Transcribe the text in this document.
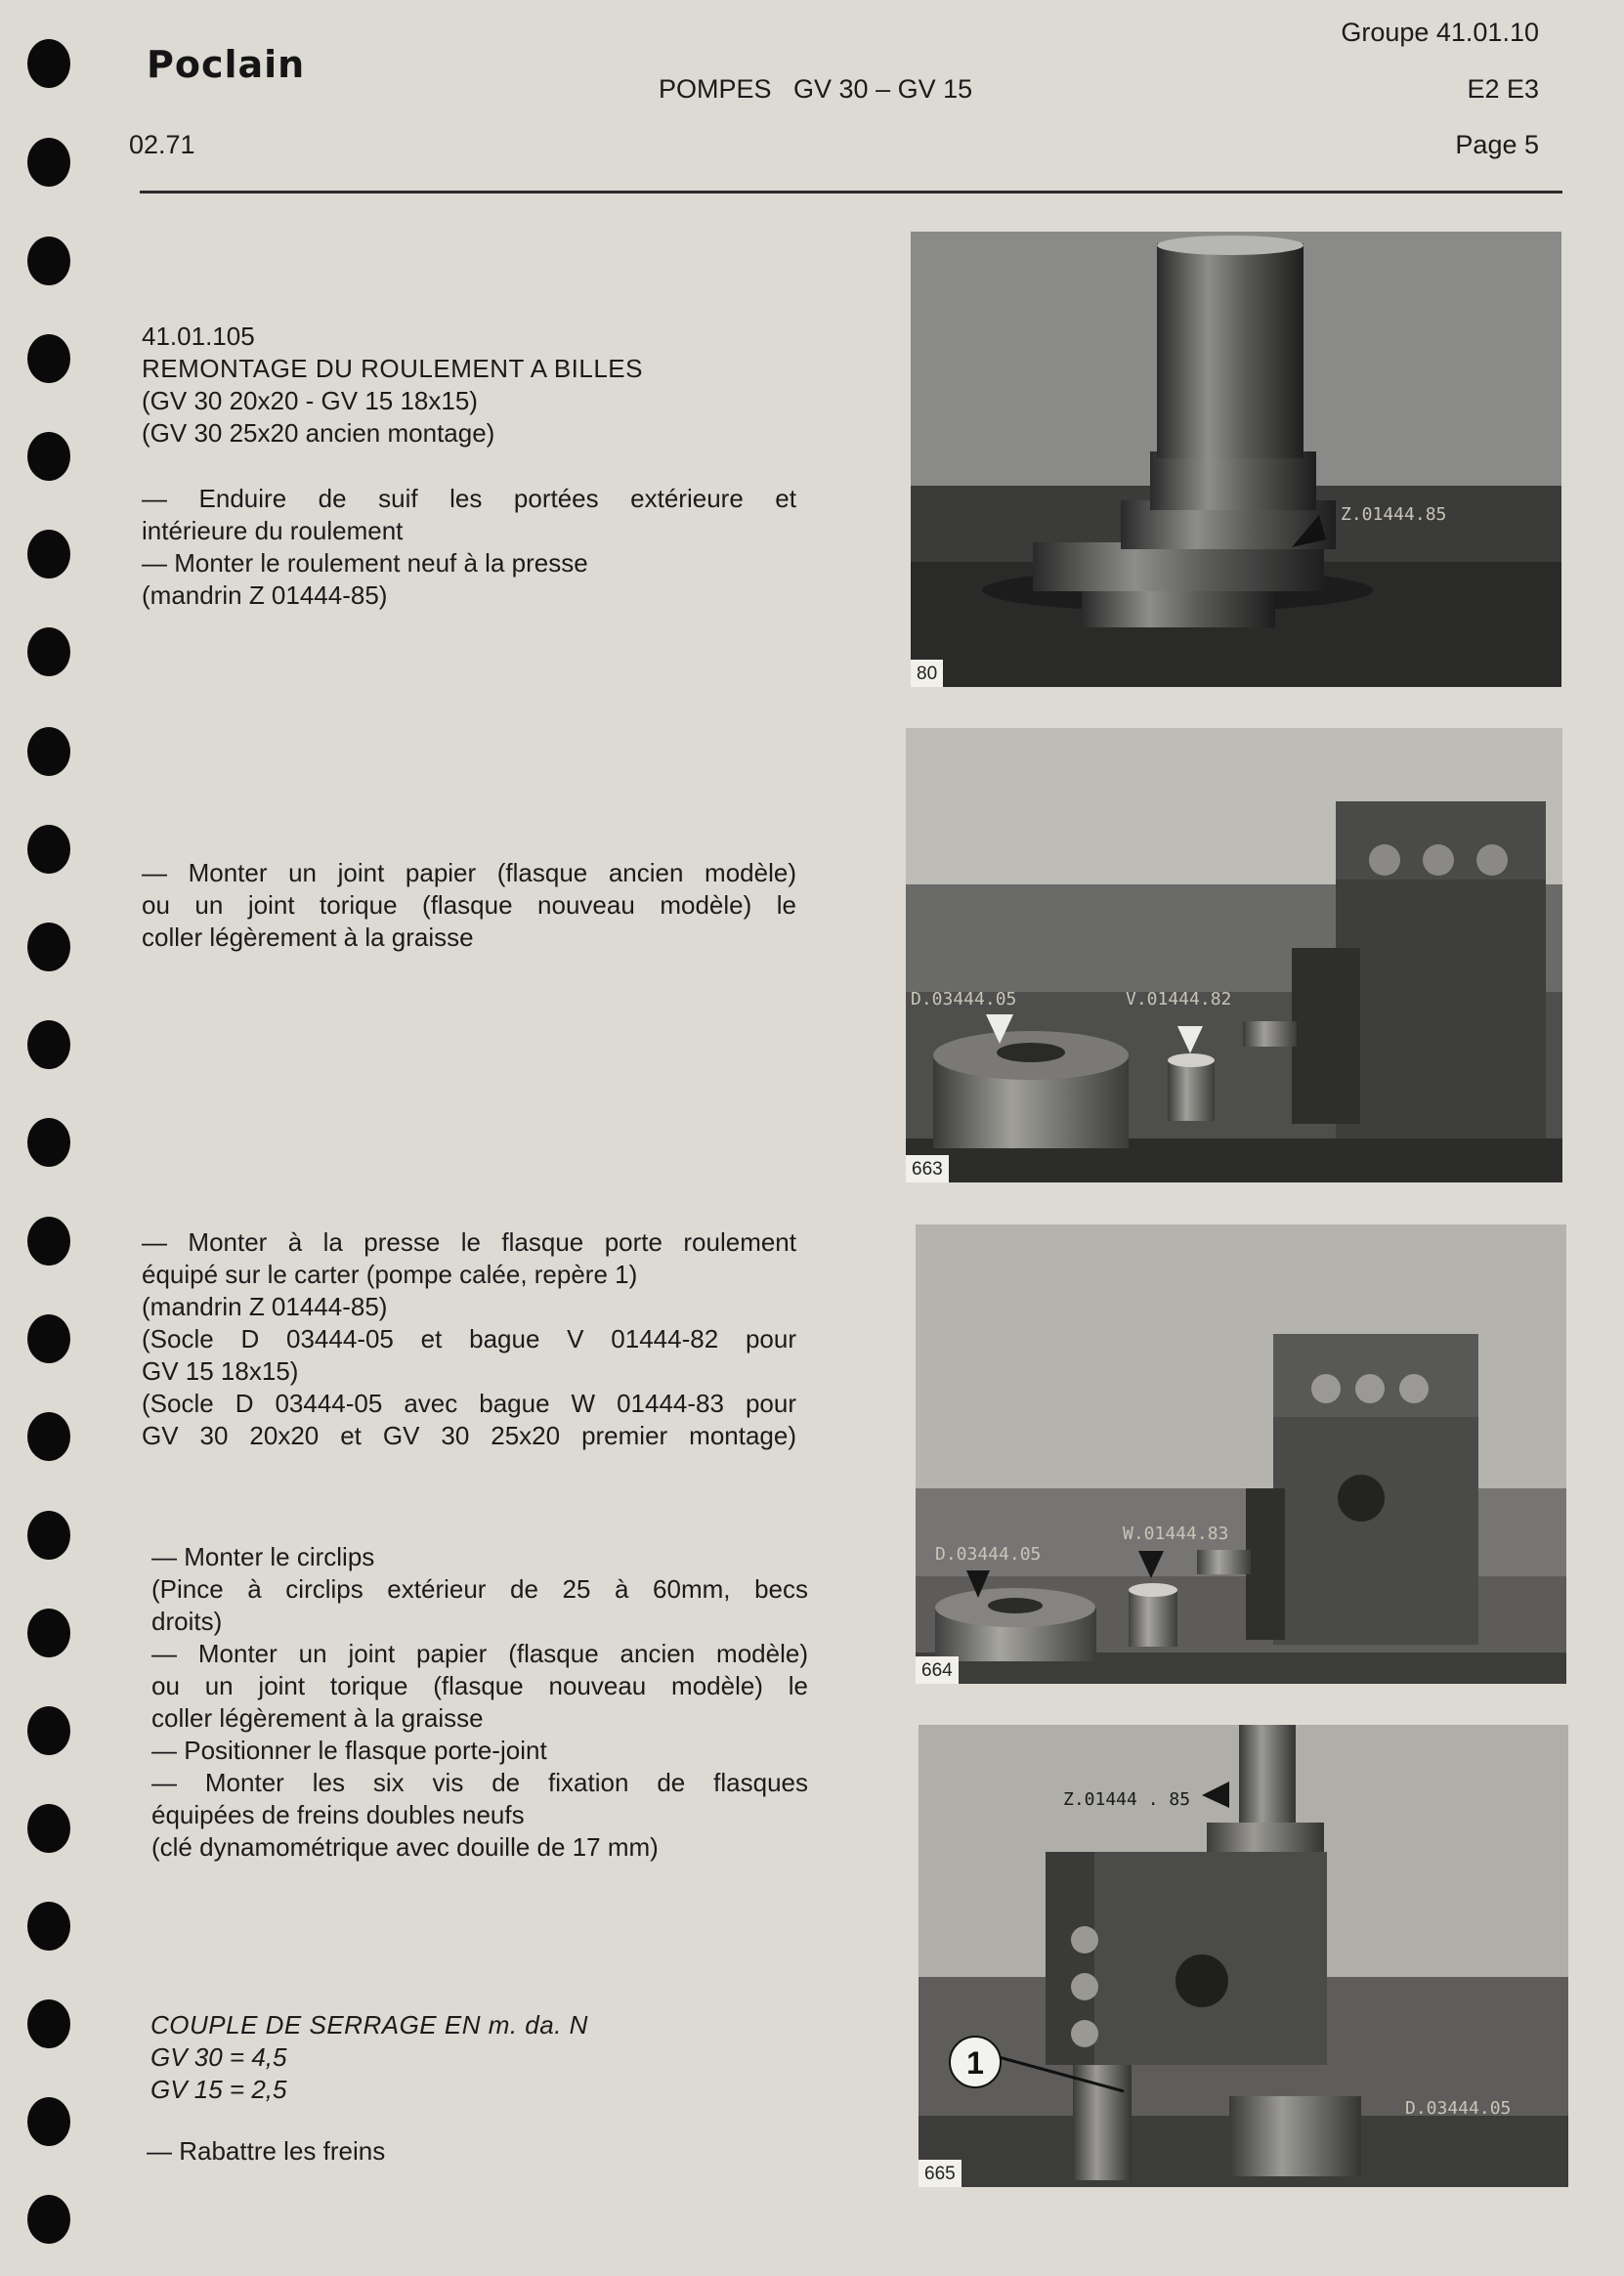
Poclain
02.71
POMPES   GV 30 – GV 15
Groupe 41.01.10
E2 E3
Page 5
41.01.105
REMONTAGE DU ROULEMENT A BILLES
(GV 30 20x20 - GV 15 18x15)
(GV 30 25x20 ancien montage)
— Enduire de suif les portées extérieure et
intérieure du roulement
— Monter le roulement neuf à la presse
(mandrin Z 01444-85)
— Monter un joint papier (flasque ancien modèle)
ou un joint torique (flasque nouveau modèle) le
coller légèrement à la graisse
— Monter à la presse le flasque porte roulement
équipé sur le carter (pompe calée, repère 1)
(mandrin Z 01444-85)
(Socle D 03444-05 et bague V 01444-82 pour
GV 15 18x15)
(Socle D 03444-05 avec bague W 01444-83 pour
GV 30 20x20 et GV 30 25x20 premier montage)
— Monter le circlips
(Pince à circlips extérieur de 25 à 60mm, becs
droits)
— Monter un joint papier (flasque ancien modèle)
ou un joint torique (flasque nouveau modèle) le
coller légèrement à la graisse
— Positionner le flasque porte-joint
— Monter les six vis de fixation de flasques
équipées de freins doubles neufs
(clé dynamométrique avec douille de 17 mm)
COUPLE DE SERRAGE EN m. da. N
GV 30 = 4,5
GV 15 = 2,5
— Rabattre les freins
Z.01444.85
80
D.03444.05	V.01444.82
663
D.03444.05
W.01444.83
664
1
Z.01444 . 85
D.03444.05
665
